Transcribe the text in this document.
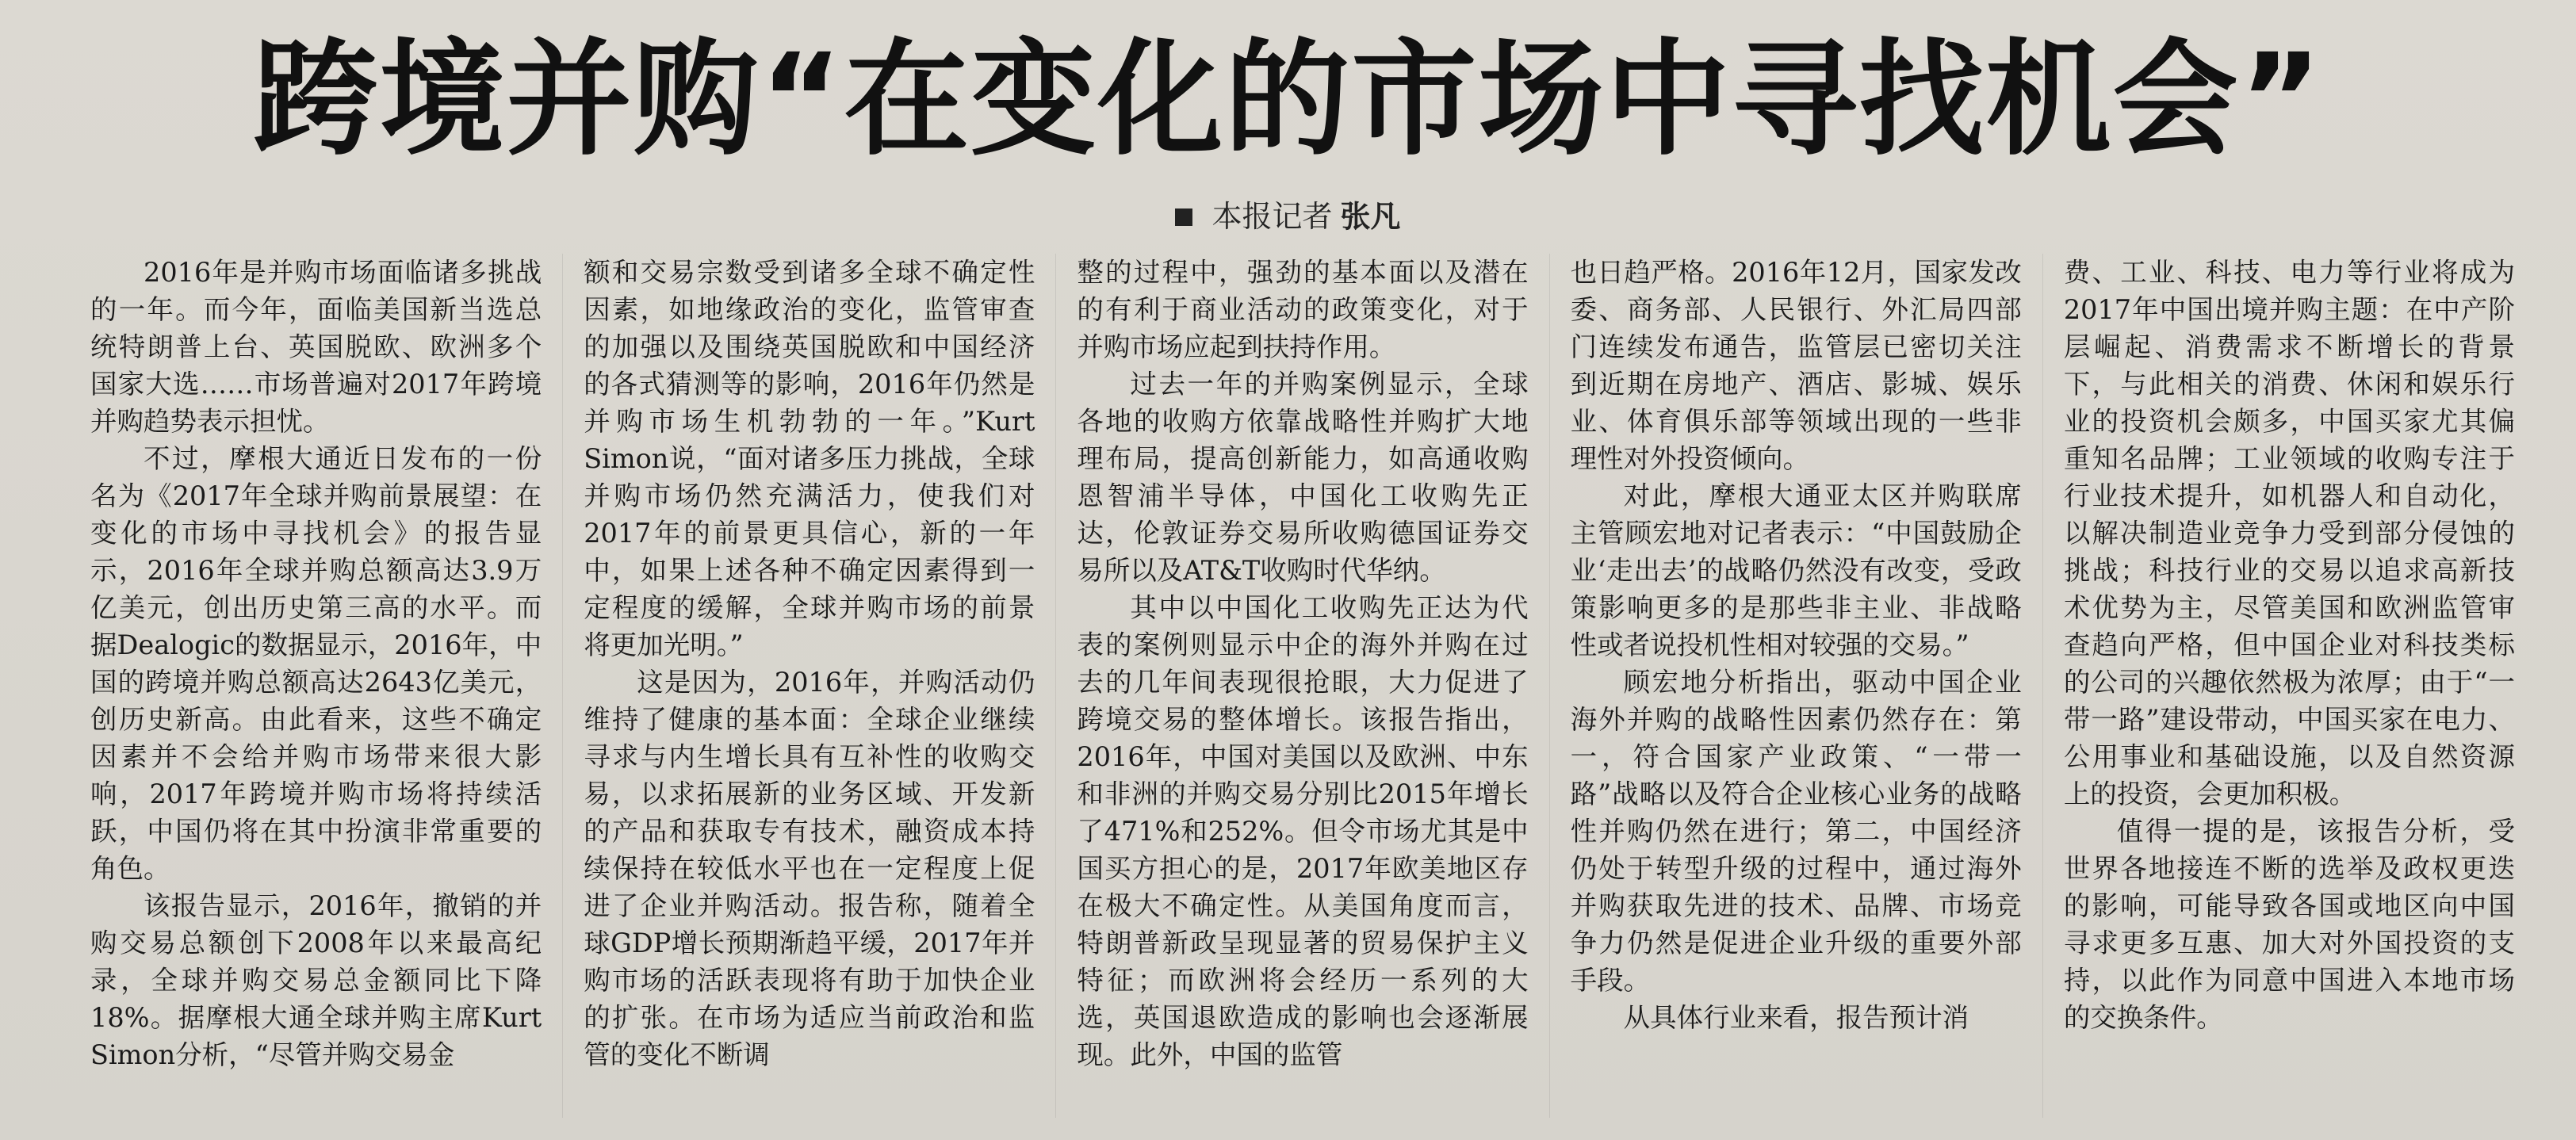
跨境并购“在变化的市场中寻找机会”
本报记者 张凡

2016年是并购市场面临诸多挑战的一年。而今年，面临美国新当选总统特朗普上台、英国脱欧、欧洲多个国家大选……市场普遍对2017年跨境并购趋势表示担忧。

不过，摩根大通近日发布的一份名为《2017年全球并购前景展望：在变化的市场中寻找机会》的报告显示，2016年全球并购总额高达3.9万亿美元，创出历史第三高的水平。而据Dealogic的数据显示，2016年，中国的跨境并购总额高达2643亿美元，创历史新高。由此看来，这些不确定因素并不会给并购市场带来很大影响，2017年跨境并购市场将持续活跃，中国仍将在其中扮演非常重要的角色。

该报告显示，2016年，撤销的并购交易总额创下2008年以来最高纪录，全球并购交易总金额同比下降18%。据摩根大通全球并购主席Kurt Simon分析，“尽管并购交易金

额和交易宗数受到诸多全球不确定性因素，如地缘政治的变化，监管审查的加强以及围绕英国脱欧和中国经济的各式猜测等的影响，2016年仍然是并购市场生机勃勃的一年。”Kurt Simon说，“面对诸多压力挑战，全球并购市场仍然充满活力，使我们对2017年的前景更具信心，新的一年中，如果上述各种不确定因素得到一定程度的缓解，全球并购市场的前景将更加光明。”

这是因为，2016年，并购活动仍维持了健康的基本面：全球企业继续寻求与内生增长具有互补性的收购交易，以求拓展新的业务区域、开发新的产品和获取专有技术，融资成本持续保持在较低水平也在一定程度上促进了企业并购活动。报告称，随着全球GDP增长预期渐趋平缓，2017年并购市场的活跃表现将有助于加快企业的扩张。在市场为适应当前政治和监管的变化不断调

整的过程中，强劲的基本面以及潜在的有利于商业活动的政策变化，对于并购市场应起到扶持作用。

过去一年的并购案例显示，全球各地的收购方依靠战略性并购扩大地理布局，提高创新能力，如高通收购恩智浦半导体，中国化工收购先正达，伦敦证券交易所收购德国证券交易所以及AT&T收购时代华纳。

其中以中国化工收购先正达为代表的案例则显示中企的海外并购在过去的几年间表现很抢眼，大力促进了跨境交易的整体增长。该报告指出，2016年，中国对美国以及欧洲、中东和非洲的并购交易分别比2015年增长了471%和252%。但令市场尤其是中国买方担心的是，2017年欧美地区存在极大不确定性。从美国角度而言，特朗普新政呈现显著的贸易保护主义特征；而欧洲将会经历一系列的大选，英国退欧造成的影响也会逐渐展现。此外，中国的监管

也日趋严格。2016年12月，国家发改委、商务部、人民银行、外汇局四部门连续发布通告，监管层已密切关注到近期在房地产、酒店、影城、娱乐业、体育俱乐部等领域出现的一些非理性对外投资倾向。

对此，摩根大通亚太区并购联席主管顾宏地对记者表示：“中国鼓励企业‘走出去’的战略仍然没有改变，受政策影响更多的是那些非主业、非战略性或者说投机性相对较强的交易。”

顾宏地分析指出，驱动中国企业海外并购的战略性因素仍然存在：第一，符合国家产业政策、“一带一路”战略以及符合企业核心业务的战略性并购仍然在进行；第二，中国经济仍处于转型升级的过程中，通过海外并购获取先进的技术、品牌、市场竞争力仍然是促进企业升级的重要外部手段。

从具体行业来看，报告预计消

费、工业、科技、电力等行业将成为2017年中国出境并购主题：在中产阶层崛起、消费需求不断增长的背景下，与此相关的消费、休闲和娱乐行业的投资机会颇多，中国买家尤其偏重知名品牌；工业领域的收购专注于行业技术提升，如机器人和自动化，以解决制造业竞争力受到部分侵蚀的挑战；科技行业的交易以追求高新技术优势为主，尽管美国和欧洲监管审查趋向严格，但中国企业对科技类标的公司的兴趣依然极为浓厚；由于“一带一路”建设带动，中国买家在电力、公用事业和基础设施，以及自然资源上的投资，会更加积极。

值得一提的是，该报告分析，受世界各地接连不断的选举及政权更迭的影响，可能导致各国或地区向中国寻求更多互惠、加大对外国投资的支持，以此作为同意中国进入本地市场的交换条件。
